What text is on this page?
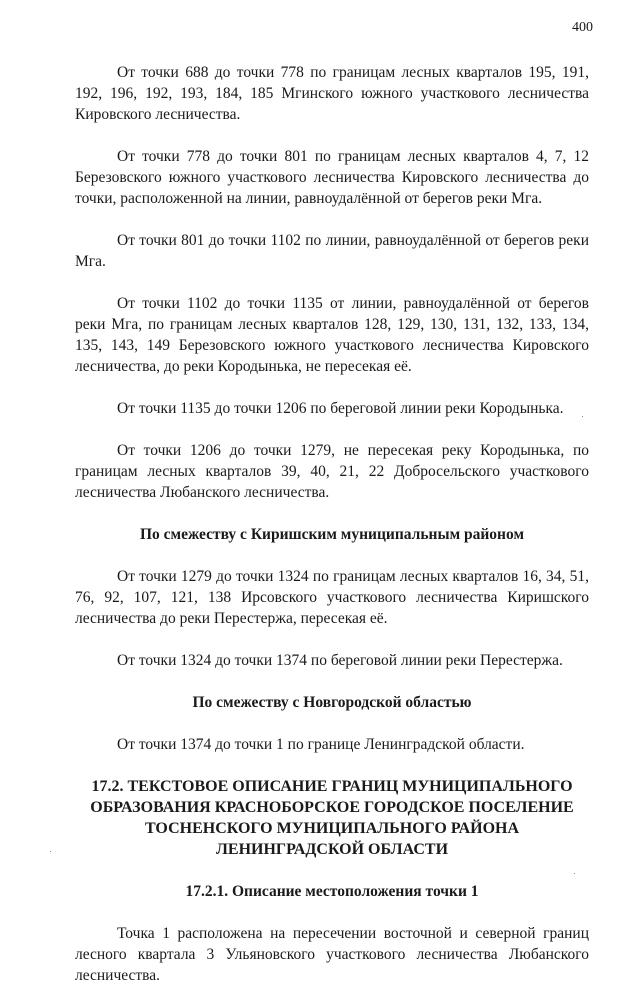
400

От точки 688 до точки 778 по границам лесных кварталов 195, 191, 192, 196, 192, 193, 184, 185 Мгинского южного участкового лесничества Кировского лесничества.

От точки 778 до точки 801 по границам лесных кварталов 4, 7, 12 Березовского южного участкового лесничества Кировского лесничества до точки, расположенной на линии, равноудалённой от берегов реки Мга.

От точки 801 до точки 1102 по линии, равноудалённой от берегов реки Мга.

От точки 1102 до точки 1135 от линии, равноудалённой от берегов реки Мга, по границам лесных кварталов 128, 129, 130, 131, 132, 133, 134, 135, 143, 149 Березовского южного участкового лесничества Кировского лесничества, до реки Кородынька, не пересекая её.

От точки 1135 до точки 1206 по береговой линии реки Кородынька.

От точки 1206 до точки 1279, не пересекая реку Кородынька, по границам лесных кварталов 39, 40, 21, 22 Добросельского участкового лесничества Любанского лесничества.

По смежеству с Киришским муниципальным районом

От точки 1279 до точки 1324 по границам лесных кварталов 16, 34, 51, 76, 92, 107, 121, 138 Ирсовского участкового лесничества Киришского лесничества до реки Перестержа, пересекая её.

От точки 1324 до точки 1374 по береговой линии реки Перестержа.

По смежеству с Новгородской областью

От точки 1374 до точки 1 по границе Ленинградской области.

17.2. ТЕКСТОВОЕ ОПИСАНИЕ ГРАНИЦ МУНИЦИПАЛЬНОГО ОБРАЗОВАНИЯ КРАСНОБОРСКОЕ ГОРОДСКОЕ ПОСЕЛЕНИЕ ТОСНЕНСКОГО МУНИЦИПАЛЬНОГО РАЙОНА ЛЕНИНГРАДСКОЙ ОБЛАСТИ

17.2.1. Описание местоположения точки 1

Точка 1 расположена на пересечении восточной и северной границ лесного квартала 3 Ульяновского участкового лесничества Любанского лесничества.
